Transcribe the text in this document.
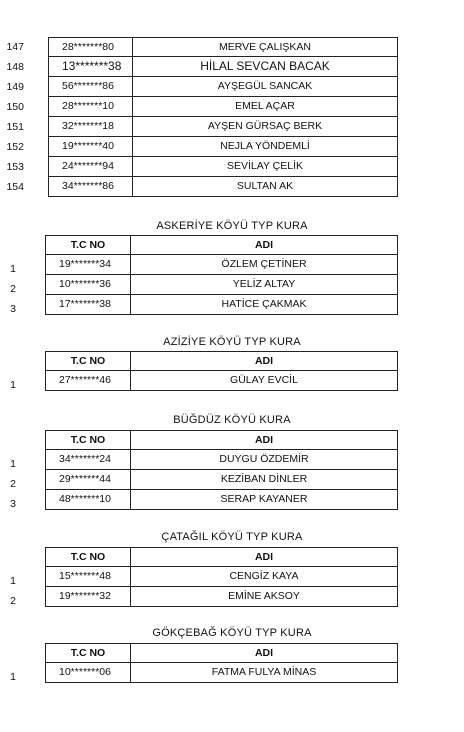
147	28*******80	MERVE ÇALIŞKAN
148	13*******38	HİLAL SEVCAN BACAK
149	56*******86	AYŞEGÜL SANCAK
150	28*******10	EMEL AÇAR
151	32*******18	AYŞEN GÜRSAÇ BERK
152	19*******40	NEJLA YÖNDEMLİ
153	24*******94	SEVİLAY ÇELİK
154	34*******86	SULTAN AK
ASKERİYE KÖYÜ TYP KURA
T.C NO	ADI
1	19*******34	ÖZLEM ÇETİNER
2	10*******36	YELİZ ALTAY
3	17*******38	HATİCE ÇAKMAK
AZİZİYE KÖYÜ TYP KURA
T.C NO	ADI
1	27*******46	GÜLAY EVCİL
BÜĞDÜZ KÖYÜ KURA
T.C NO	ADI
1	34*******24	DUYGU ÖZDEMİR
2	29*******44	KEZİBAN DİNLER
3	48*******10	SERAP KAYANER
ÇATAĞIL KÖYÜ TYP KURA
T.C NO	ADI
1	15*******48	CENGİZ KAYA
2	19*******32	EMİNE AKSOY
GÖKÇEBAĞ KÖYÜ TYP KURA
T.C NO	ADI
1	10*******06	FATMA FULYA MİNAS
